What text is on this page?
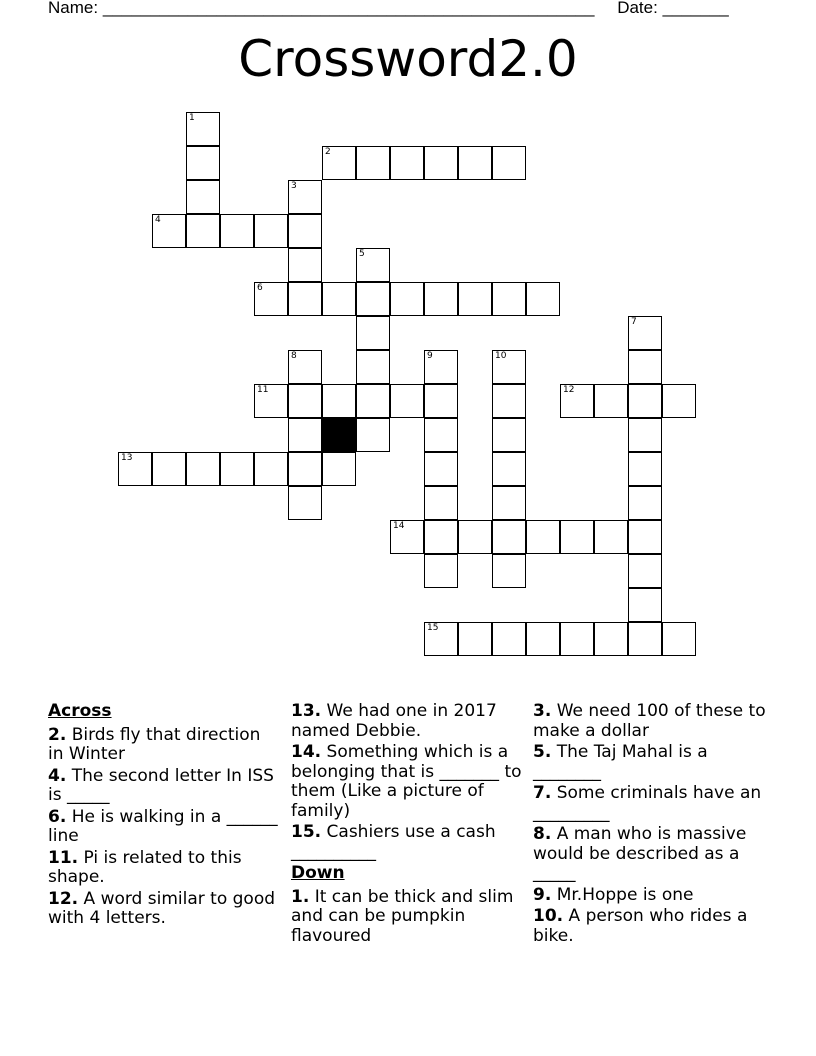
Name: ____________________________________________________ Date: _______
Crossword2.0
1
2
3
4
5
6
7
8	9	10
11	12
13
14
15
Across
2. Birds fly that direction in Winter
4. The second letter In ISS is _____
6. He is walking in a ______ line
11. Pi is related to this shape.
12. A word similar to good with 4 letters.
13. We had one in 2017 named Debbie.
14. Something which is a belonging that is _______ to them (Like a picture of family)
15. Cashiers use a cash __________
Down
1. It can be thick and slim and can be pumpkin flavoured
3. We need 100 of these to make a dollar
5. The Taj Mahal is a ________
7. Some criminals have an _________
8. A man who is massive would be described as a _____
9. Mr.Hoppe is one
10. A person who rides a bike.
